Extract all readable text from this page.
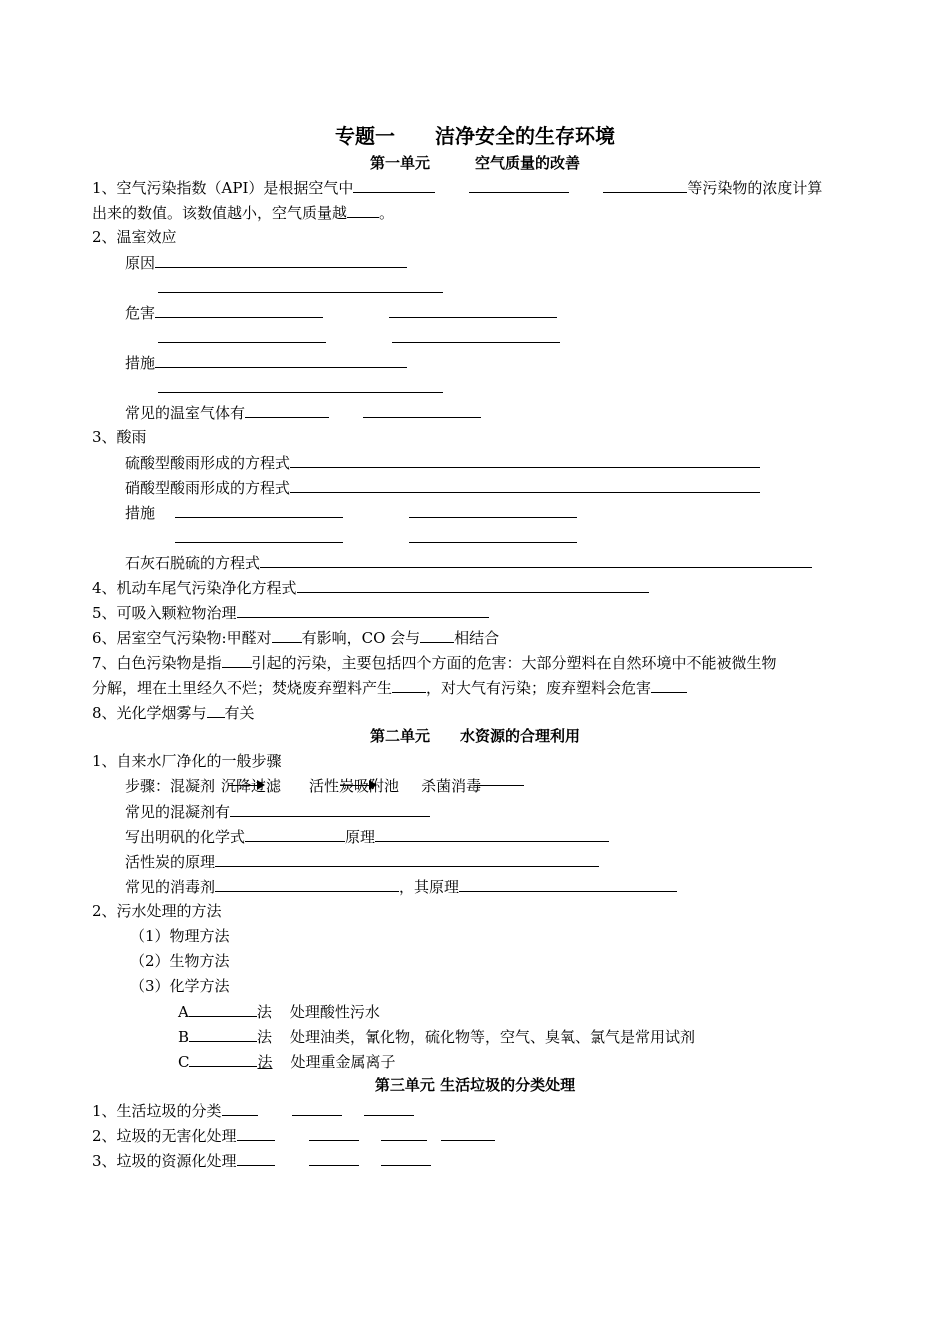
专题一　　洁净安全的生存环境
第一单元　　　空气质量的改善
1、空气污染指数（API）是根据空气中	等污染物的浓度计算
出来的数值。该数值越小，空气质量越 。
2、温室效应
原因
危害
措施
常见的温室气体有
3、酸雨
硫酸型酸雨形成的方程式
硝酸型酸雨形成的方程式
措施
石灰石脱硫的方程式
4、机动车尾气污染净化方程式
5、可吸入颗粒物治理
6、居室空气污染物:甲醛对 有影响，CO 会与 相结合
7、白色污染物是指 引起的污染，主要包括四个方面的危害：大部分塑料在自然环境中不能被微生物
分解，埋在土里经久不烂；焚烧废弃塑料产生 ，对大气有污染；废弃塑料会危害
8、光化学烟雾与 有关
第二单元　　水资源的合理利用
1、自来水厂净化的一般步骤
步骤：混凝剂 沉降过滤 活性炭吸附池 杀菌消毒
常见的混凝剂有
写出明矾的化学式	原理
活性炭的原理
常见的消毒剂	，其原理
2、污水处理的方法
（1）物理方法
（2）生物方法
（3）化学方法
A	法 处理酸性污水
B	法 处理油类，氰化物，硫化物等，空气、臭氧、氯气是常用试剂
C	法 处理重金属离子
第三单元 生活垃圾的分类处理
1、生活垃圾的分类
2、垃圾的无害化处理
3、垃圾的资源化处理
